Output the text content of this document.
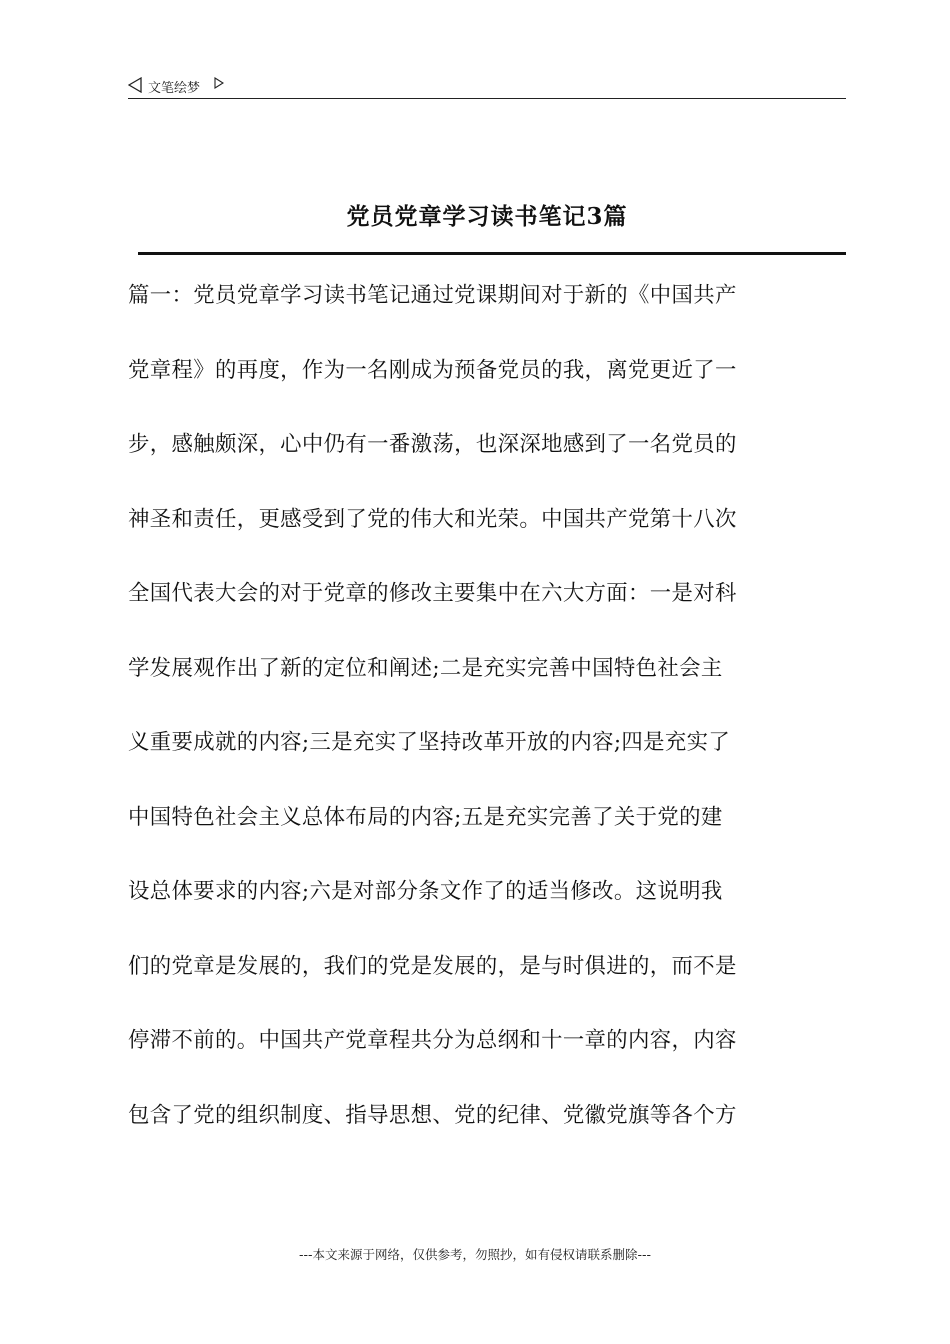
文笔绘梦
党员党章学习读书笔记3篇
篇一：党员党章学习读书笔记通过党课期间对于新的《中国共产
党章程》的再度，作为一名刚成为预备党员的我，离党更近了一
步，感触颇深，心中仍有一番激荡，也深深地感到了一名党员的
神圣和责任，更感受到了党的伟大和光荣。中国共产党第十八次
全国代表大会的对于党章的修改主要集中在六大方面：一是对科
学发展观作出了新的定位和阐述;二是充实完善中国特色社会主
义重要成就的内容;三是充实了坚持改革开放的内容;四是充实了
中国特色社会主义总体布局的内容;五是充实完善了关于党的建
设总体要求的内容;六是对部分条文作了的适当修改。这说明我
们的党章是发展的，我们的党是发展的，是与时俱进的，而不是
停滞不前的。中国共产党章程共分为总纲和十一章的内容，内容
包含了党的组织制度、指导思想、党的纪律、党徽党旗等各个方
---本文来源于网络，仅供参考，勿照抄，如有侵权请联系删除---
